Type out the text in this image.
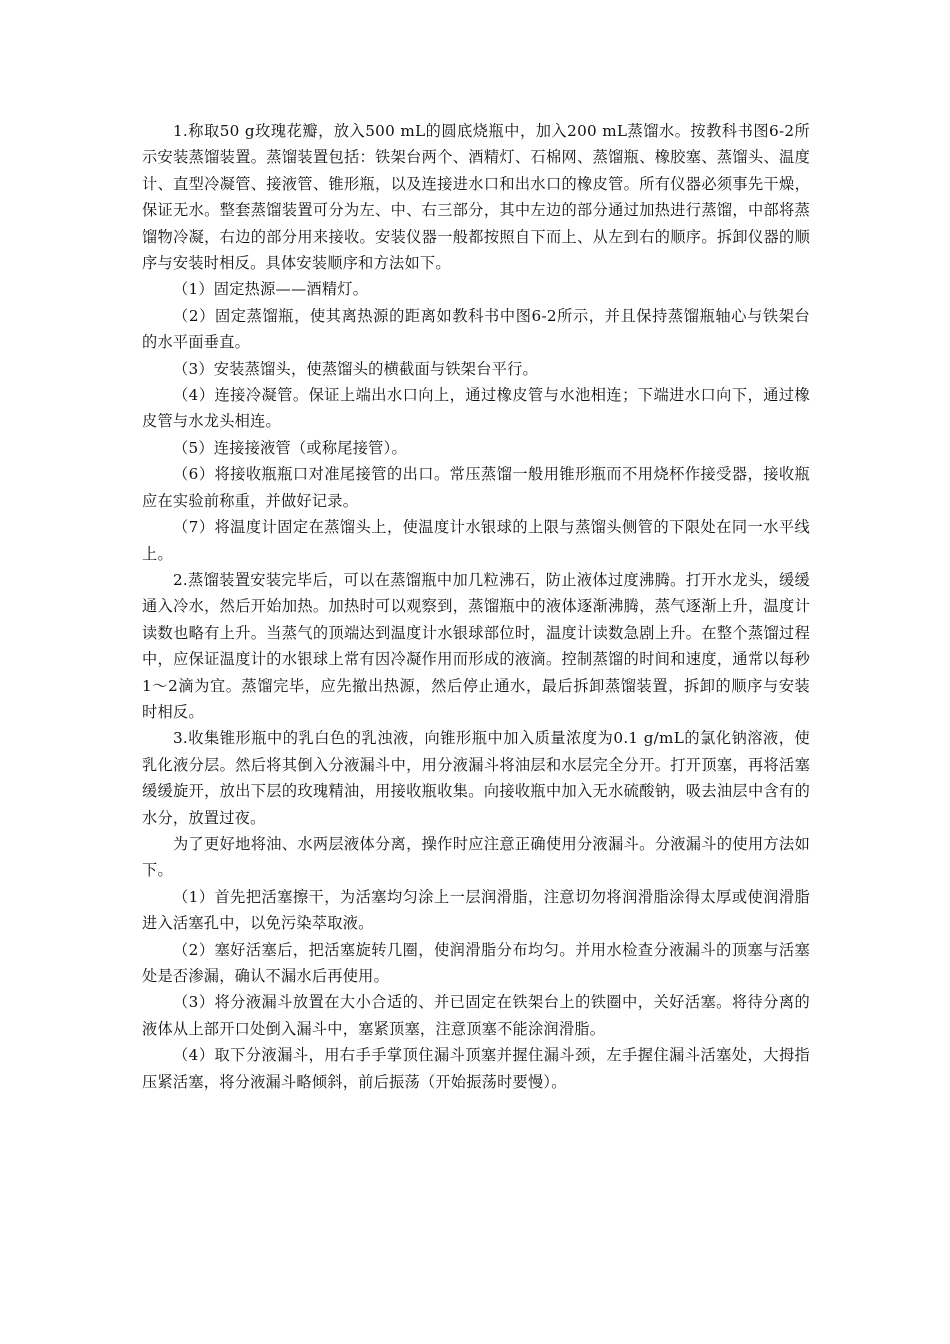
1.称取50 g玫瑰花瓣，放入500 mL的圆底烧瓶中，加入200 mL蒸馏水。按教科书图6-2所示安装蒸馏装置。蒸馏装置包括：铁架台两个、酒精灯、石棉网、蒸馏瓶、橡胶塞、蒸馏头、温度计、直型冷凝管、接液管、锥形瓶，以及连接进水口和出水口的橡皮管。所有仪器必须事先干燥，保证无水。整套蒸馏装置可分为左、中、右三部分，其中左边的部分通过加热进行蒸馏，中部将蒸馏物冷凝，右边的部分用来接收。安装仪器一般都按照自下而上、从左到右的顺序。拆卸仪器的顺序与安装时相反。具体安装顺序和方法如下。

（1）固定热源——酒精灯。

（2）固定蒸馏瓶，使其离热源的距离如教科书中图6-2所示，并且保持蒸馏瓶轴心与铁架台的水平面垂直。

（3）安装蒸馏头，使蒸馏头的横截面与铁架台平行。

（4）连接冷凝管。保证上端出水口向上，通过橡皮管与水池相连；下端进水口向下，通过橡皮管与水龙头相连。

（5）连接接液管（或称尾接管）。

（6）将接收瓶瓶口对准尾接管的出口。常压蒸馏一般用锥形瓶而不用烧杯作接受器，接收瓶应在实验前称重，并做好记录。

（7）将温度计固定在蒸馏头上，使温度计水银球的上限与蒸馏头侧管的下限处在同一水平线上。

2.蒸馏装置安装完毕后，可以在蒸馏瓶中加几粒沸石，防止液体过度沸腾。打开水龙头，缓缓通入冷水，然后开始加热。加热时可以观察到，蒸馏瓶中的液体逐渐沸腾，蒸气逐渐上升，温度计读数也略有上升。当蒸气的顶端达到温度计水银球部位时，温度计读数急剧上升。在整个蒸馏过程中，应保证温度计的水银球上常有因冷凝作用而形成的液滴。控制蒸馏的时间和速度，通常以每秒1～2滴为宜。蒸馏完毕，应先撤出热源，然后停止通水，最后拆卸蒸馏装置，拆卸的顺序与安装时相反。

3.收集锥形瓶中的乳白色的乳浊液，向锥形瓶中加入质量浓度为0.1 g/mL的氯化钠溶液，使乳化液分层。然后将其倒入分液漏斗中，用分液漏斗将油层和水层完全分开。打开顶塞，再将活塞缓缓旋开，放出下层的玫瑰精油，用接收瓶收集。向接收瓶中加入无水硫酸钠，吸去油层中含有的水分，放置过夜。

为了更好地将油、水两层液体分离，操作时应注意正确使用分液漏斗。分液漏斗的使用方法如下。

（1）首先把活塞擦干，为活塞均匀涂上一层润滑脂，注意切勿将润滑脂涂得太厚或使润滑脂进入活塞孔中，以免污染萃取液。

（2）塞好活塞后，把活塞旋转几圈，使润滑脂分布均匀。并用水检查分液漏斗的顶塞与活塞处是否渗漏，确认不漏水后再使用。

（3）将分液漏斗放置在大小合适的、并已固定在铁架台上的铁圈中，关好活塞。将待分离的液体从上部开口处倒入漏斗中，塞紧顶塞，注意顶塞不能涂润滑脂。

（4）取下分液漏斗，用右手手掌顶住漏斗顶塞并握住漏斗颈，左手握住漏斗活塞处，大拇指压紧活塞，将分液漏斗略倾斜，前后振荡（开始振荡时要慢）。
